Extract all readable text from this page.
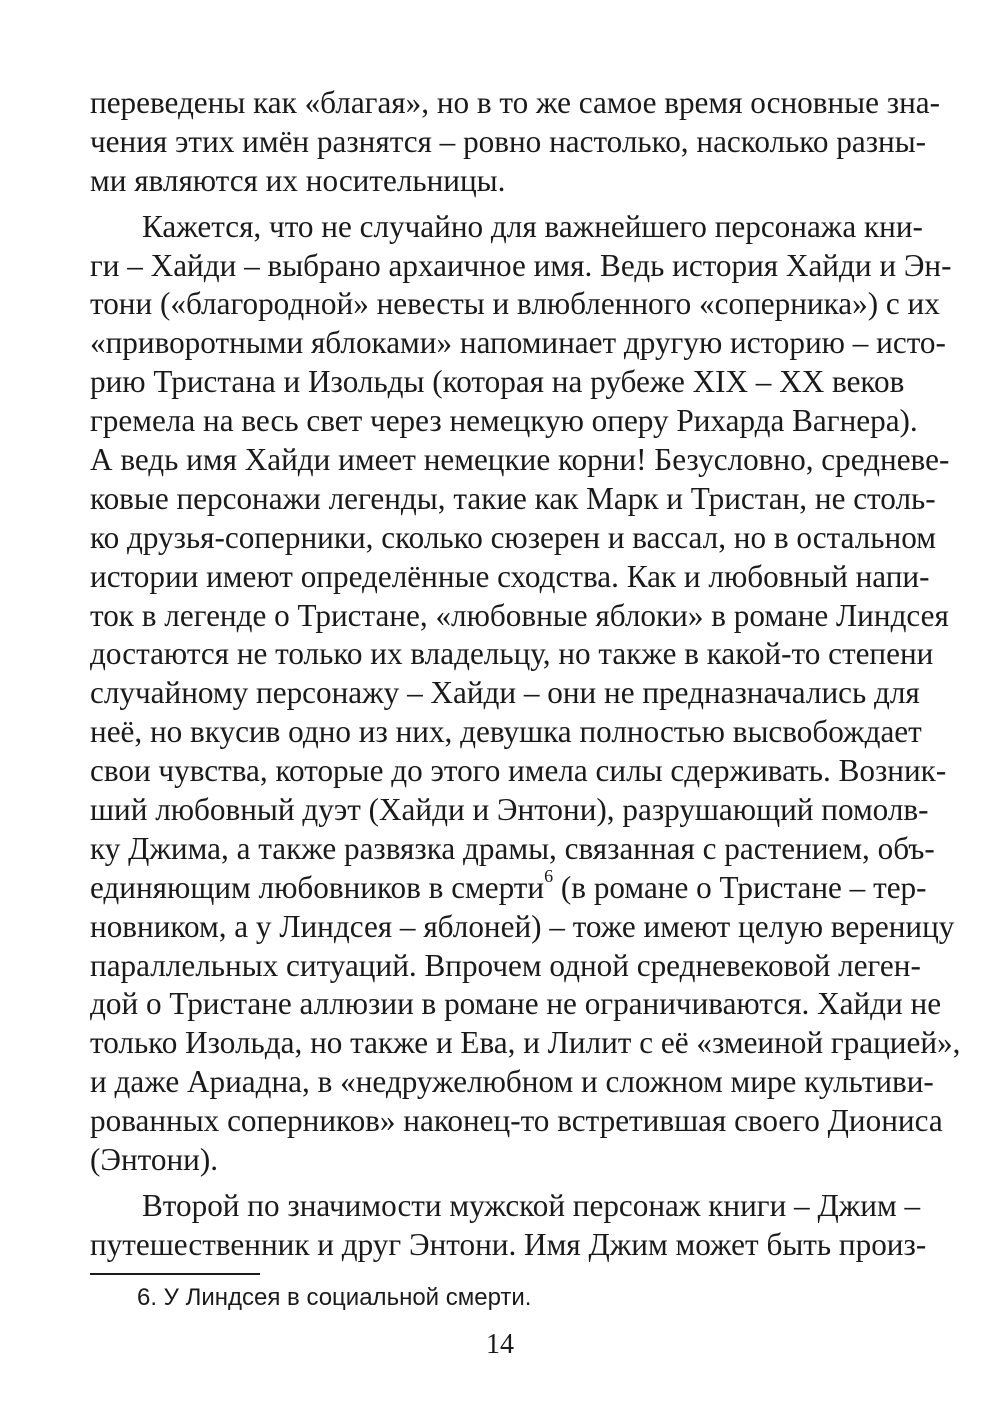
переведены как «благая», но в то же самое время основные зна-
чения этих имён разнятся – ровно настолько, насколько разны-
ми являются их носительницы.
Кажется, что не случайно для важнейшего персонажа кни-
ги – Хайди – выбрано архаичное имя. Ведь история Хайди и Эн-
тони («благородной» невесты и влюбленного «соперника») с их
«приворотными яблоками» напоминает другую историю – исто-
рию Тристана и Изольды (которая на рубеже XIX – XX веков
гремела на весь свет через немецкую оперу Рихарда Вагнера).
А ведь имя Хайди имеет немецкие корни! Безусловно, средневе-
ковые персонажи легенды, такие как Марк и Тристан, не столь-
ко друзья-соперники, сколько сюзерен и вассал, но в остальном
истории имеют определённые сходства. Как и любовный напи-
ток в легенде о Тристане, «любовные яблоки» в романе Линдсея
достаются не только их владельцу, но также в какой-то степени
случайному персонажу – Хайди – они не предназначались для
неё, но вкусив одно из них, девушка полностью высвобождает
свои чувства, которые до этого имела силы сдерживать. Возник-
ший любовный дуэт (Хайди и Энтони), разрушающий помолв-
ку Джима, а также развязка драмы, связанная с растением, объ-
единяющим любовников в смерти$^6$ (в романе о Тристане – тер-
новником, а у Линдсея – яблоней) – тоже имеют целую вереницу
параллельных ситуаций. Впрочем одной средневековой леген-
дой о Тристане аллюзии в романе не ограничиваются. Хайди не
только Изольда, но также и Ева, и Лилит с её «змеиной грацией»,
и даже Ариадна, в «недружелюбном и сложном мире культиви-
рованных соперников» наконец-то встретившая своего Диониса
(Энтони).
Второй по значимости мужской персонаж книги – Джим –
путешественник и друг Энтони. Имя Джим может быть произ-
6. У Линдсея в социальной смерти.
14
